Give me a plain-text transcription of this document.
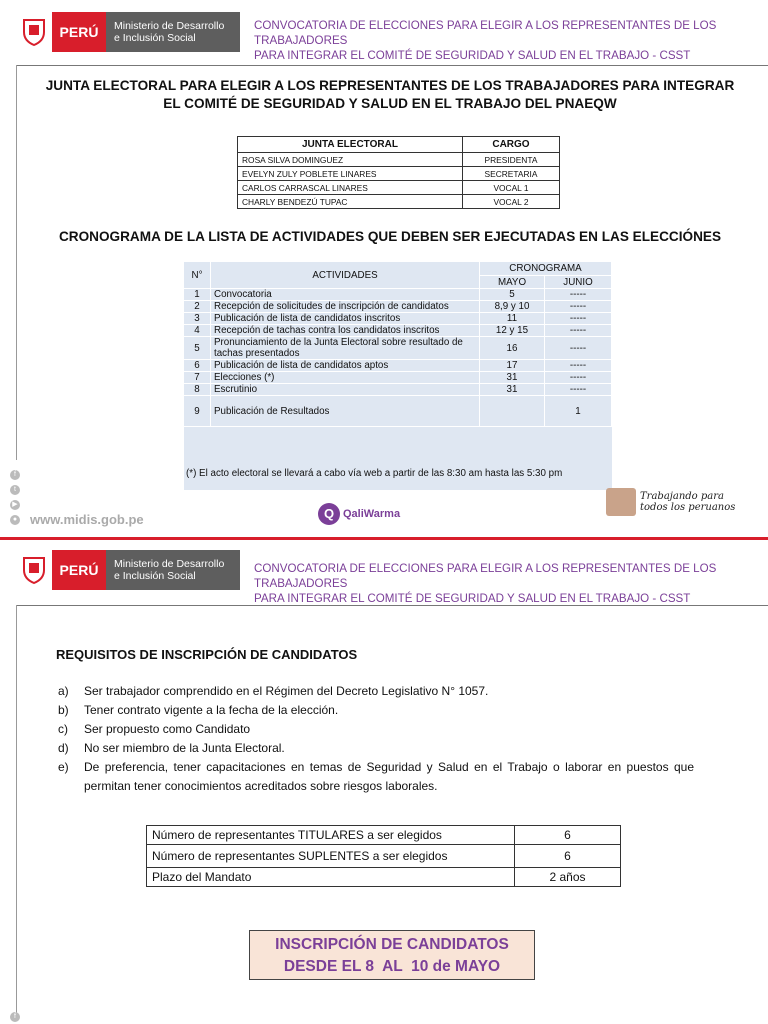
PERÚ	Ministerio de Desarrollo
e Inclusión Social
CONVOCATORIA DE ELECCIONES PARA ELEGIR A LOS REPRESENTANTES DE LOS TRABAJADORES
PARA INTEGRAR EL COMITÉ DE SEGURIDAD Y SALUD EN EL TRABAJO - CSST
JUNTA ELECTORAL PARA ELEGIR A LOS REPRESENTANTES DE LOS TRABAJADORES PARA INTEGRAR
EL COMITÉ DE SEGURIDAD Y SALUD EN EL TRABAJO DEL PNAEQW
JUNTA ELECTORAL	CARGO
ROSA SILVA DOMINGUEZ	PRESIDENTA
EVELYN ZULY POBLETE LINARES	SECRETARIA
CARLOS CARRASCAL LINARES	VOCAL 1
CHARLY BENDEZÚ TUPAC	VOCAL 2
CRONOGRAMA DE LA LISTA DE ACTIVIDADES QUE DEBEN SER EJECUTADAS EN LAS ELECCIÓNES
N°	ACTIVIDADES	CRONOGRAMA	
		MAYO	JUNIO
1	Convocatoria	5	-----
2	Recepción de solicitudes de inscripción de candidatos	8,9 y 10	-----
3	Publicación de lista de candidatos inscritos	11	-----
4	Recepción de tachas contra los candidatos inscritos	12 y 15	-----
5	Pronunciamiento de la Junta Electoral sobre resultado de tachas presentados	16	-----
6	Publicación de lista de candidatos aptos	17	-----
7	Elecciones (*)	31	-----
8	Escrutinio	31	-----
9	Publicación de Resultados		1
(*) El acto electoral se llevará a cabo vía web a partir de las 8:30 am hasta las 5:30 pm
f
t
▶
● www.midis.gob.pe	Q QaliWarma
Trabajando para
todos los peruanos
PERÚ	Ministerio de Desarrollo
e Inclusión Social
CONVOCATORIA DE ELECCIONES PARA ELEGIR A LOS REPRESENTANTES DE LOS TRABAJADORES
PARA INTEGRAR EL COMITÉ DE SEGURIDAD Y SALUD EN EL TRABAJO - CSST
REQUISITOS DE INSCRIPCIÓN DE CANDIDATOS
a)	Ser trabajador comprendido en el Régimen del Decreto Legislativo N° 1057.
b)	Tener contrato vigente a la fecha de la elección.
c)	Ser propuesto como Candidato
d)	No ser miembro de la Junta Electoral.
e)	De preferencia, tener capacitaciones en temas de Seguridad y Salud en el Trabajo o laborar en puestos que permitan tener conocimientos acreditados sobre riesgos laborales.
Número de representantes TITULARES a ser elegidos	6
Número de representantes SUPLENTES a ser elegidos	6
Plazo del Mandato	2 años
INSCRIPCIÓN DE CANDIDATOS
DESDE EL 8  AL  10 de MAYO
f
